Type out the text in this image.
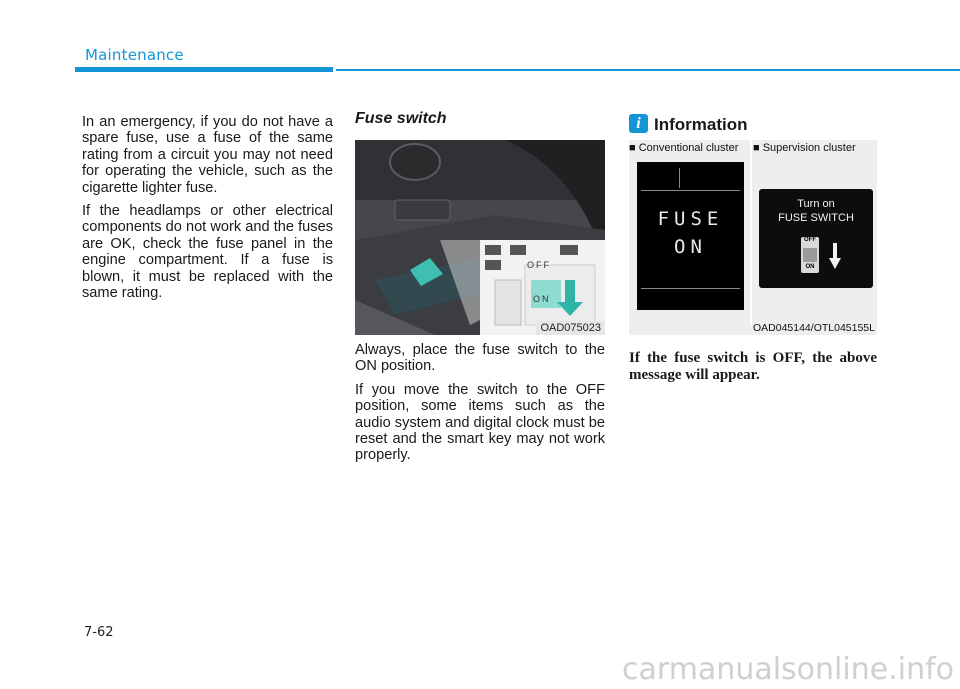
Maintenance

In an emergency, if you do not have a spare fuse, use a fuse of the same rating from a circuit you may not need for operating the vehicle, such as the cigarette lighter fuse.

If the headlamps or other electrical components do not work and the fuses are OK, check the fuse panel in the engine compartment. If a fuse is blown, it must be replaced with the same rating.

Fuse switch
OFF
ON
OAD075023

Always, place the fuse switch to the ON position.

If you move the switch to the OFF position, some items such as the audio system and digital clock must be reset and the smart key may not work properly.

i Information
■ Conventional cluster ■ Supervision cluster
FUSE
ON
Turn on
FUSE SWITCH
OFF
ON
OAD045144/OTL045155L
If the fuse switch is OFF, the above message will appear.
7-62
carmanualsonline.info
